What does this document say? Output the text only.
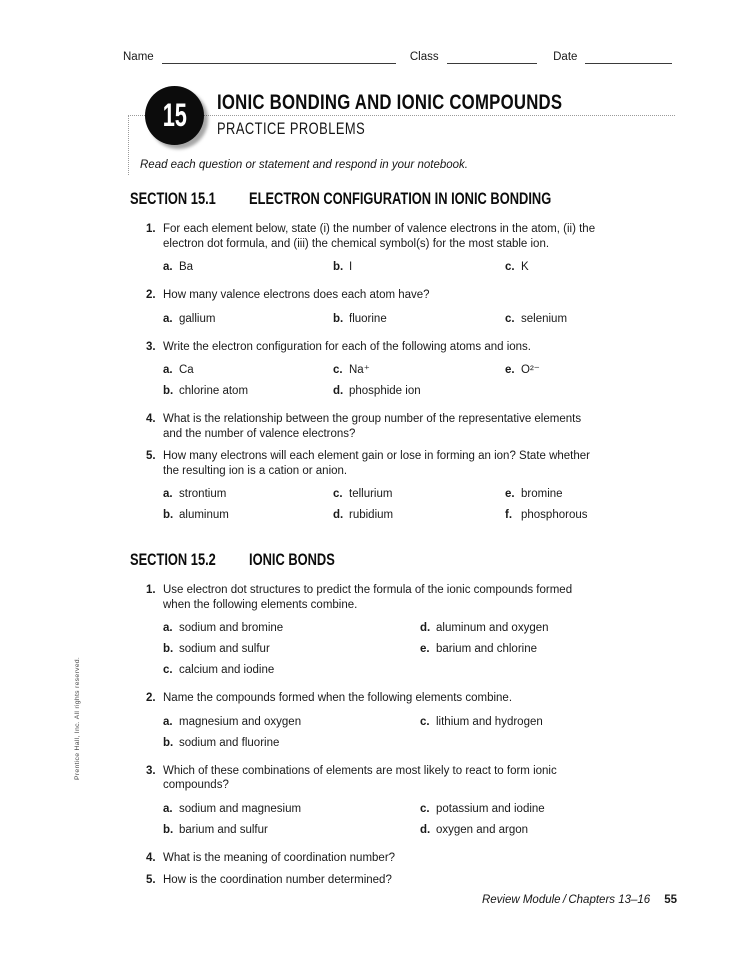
Name	Class	Date
15 IONIC BONDING AND IONIC COMPOUNDS
PRACTICE PROBLEMS
Read each question or statement and respond in your notebook.
SECTION 15.1 ELECTRON CONFIGURATION IN IONIC BONDING
1. For each element below, state (i) the number of valence electrons in the atom, (ii) the electron dot formula, and (iii) the chemical symbol(s) for the most stable ion.
a. Ba	b. I	c. K
2. How many valence electrons does each atom have?
a. gallium	b. fluorine	c. selenium
3. Write the electron configuration for each of the following atoms and ions.
a. Ca	c. Na⁺	e. O²⁻
b. chlorine atom	d. phosphide ion
4. What is the relationship between the group number of the representative elements and the number of valence electrons?
5. How many electrons will each element gain or lose in forming an ion? State whether the resulting ion is a cation or anion.
a. strontium	c. tellurium	e. bromine
b. aluminum	d. rubidium	f. phosphorous
SECTION 15.2 IONIC BONDS
1. Use electron dot structures to predict the formula of the ionic compounds formed when the following elements combine.
a. sodium and bromine	d. aluminum and oxygen
b. sodium and sulfur	e. barium and chlorine
c. calcium and iodine
2. Name the compounds formed when the following elements combine.
a. magnesium and oxygen	c. lithium and hydrogen
b. sodium and fluorine
3. Which of these combinations of elements are most likely to react to form ionic compounds?
a. sodium and magnesium	c. potassium and iodine
b. barium and sulfur	d. oxygen and argon
4. What is the meaning of coordination number?
5. How is the coordination number determined?
Prentice Hall, Inc. All rights reserved.
Review Module / Chapters 13–16 55
